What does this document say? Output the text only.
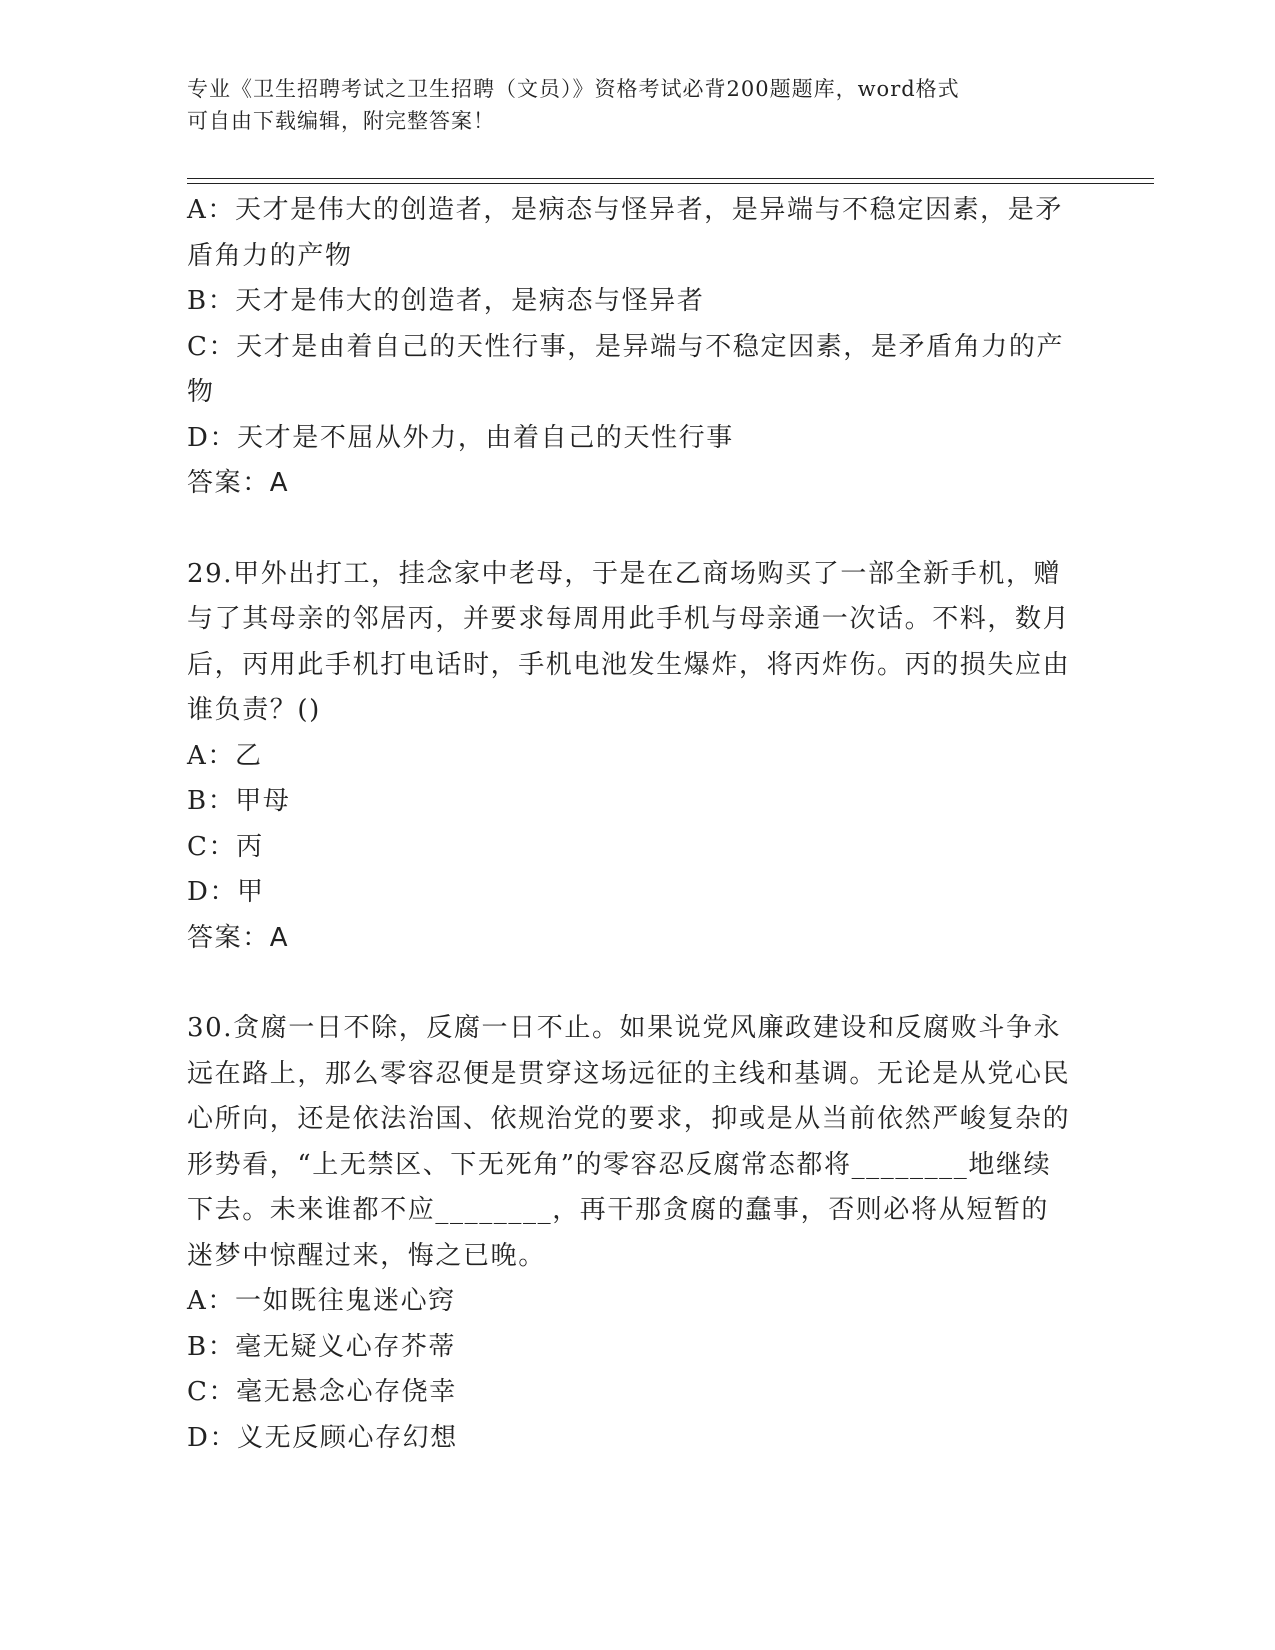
专业《卫生招聘考试之卫生招聘（文员）》资格考试必背200题题库，word格式
可自由下载编辑，附完整答案！

A：天才是伟大的创造者，是病态与怪异者，是异端与不稳定因素，是矛盾角力的产物

B：天才是伟大的创造者，是病态与怪异者

C：天才是由着自己的天性行事，是异端与不稳定因素，是矛盾角力的产物

D：天才是不屈从外力，由着自己的天性行事

答案：A

29.甲外出打工，挂念家中老母，于是在乙商场购买了一部全新手机，赠与了其母亲的邻居丙，并要求每周用此手机与母亲通一次话。不料，数月后，丙用此手机打电话时，手机电池发生爆炸，将丙炸伤。丙的损失应由谁负责？()

A：乙

B：甲母

C：丙

D：甲

答案：A

30.贪腐一日不除，反腐一日不止。如果说党风廉政建设和反腐败斗争永远在路上，那么零容忍便是贯穿这场远征的主线和基调。无论是从党心民心所向，还是依法治国、依规治党的要求，抑或是从当前依然严峻复杂的形势看，“上无禁区、下无死角”的零容忍反腐常态都将________地继续下去。未来谁都不应________，再干那贪腐的蠢事，否则必将从短暂的迷梦中惊醒过来，悔之已晚。

A：一如既往鬼迷心窍

B：毫无疑义心存芥蒂

C：毫无悬念心存侥幸

D：义无反顾心存幻想
